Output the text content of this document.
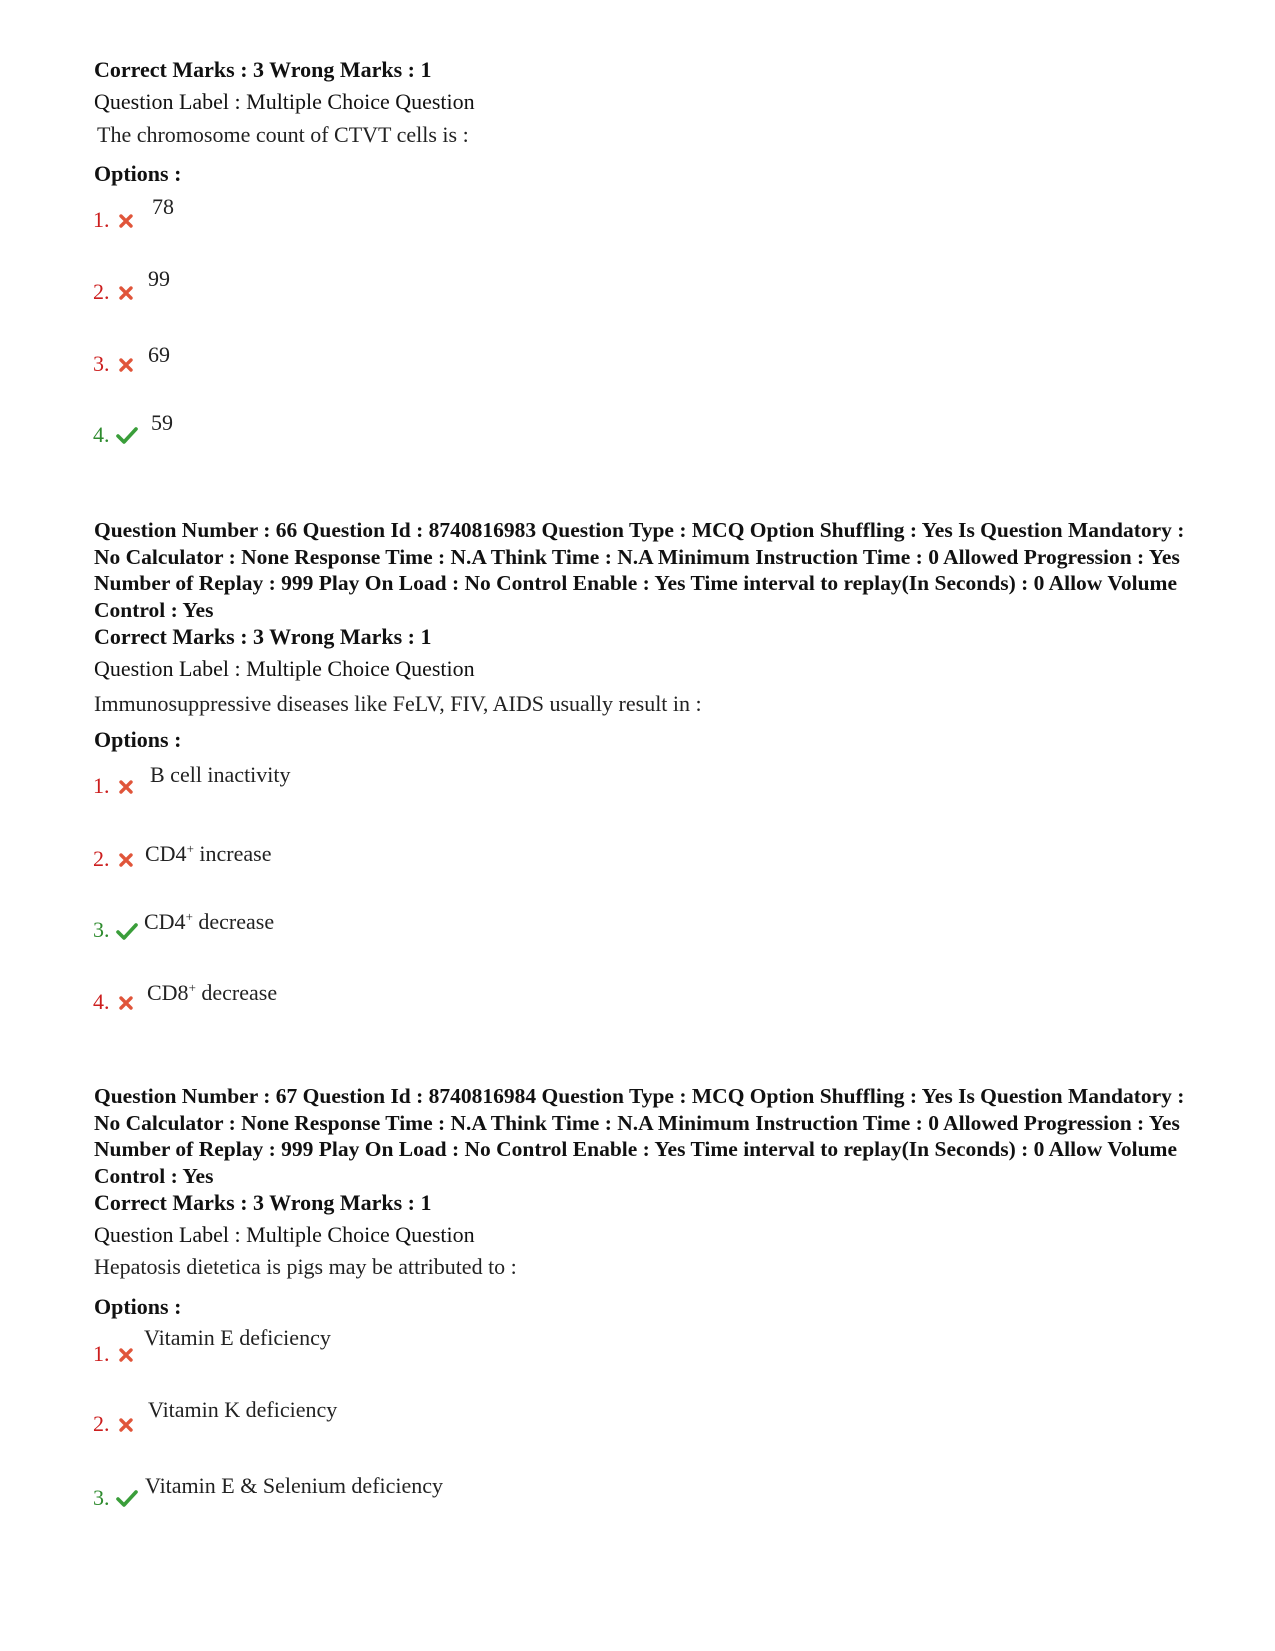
Correct Marks : 3 Wrong Marks : 1
Question Label : Multiple Choice Question
The chromosome count of CTVT cells is :
Options :
1.
78
2.
99
3. 69
4. 59
Question Number : 66 Question Id : 8740816983 Question Type : MCQ Option Shuffling : Yes Is Question Mandatory : No Calculator : None Response Time : N.A Think Time : N.A Minimum Instruction Time : 0 Allowed Progression : Yes Number of Replay : 999 Play On Load : No Control Enable : Yes Time interval to replay(In Seconds) : 0 Allow Volume Control : Yes
Correct Marks : 3 Wrong Marks : 1
Question Label : Multiple Choice Question
Immunosuppressive diseases like FeLV, FIV, AIDS usually result in :
Options :
1. B cell inactivity
2. CD4+ increase
3. CD4+ decrease
4. CD8+ decrease
Question Number : 67 Question Id : 8740816984 Question Type : MCQ Option Shuffling : Yes Is Question Mandatory : No Calculator : None Response Time : N.A Think Time : N.A Minimum Instruction Time : 0 Allowed Progression : Yes Number of Replay : 999 Play On Load : No Control Enable : Yes Time interval to replay(In Seconds) : 0 Allow Volume Control : Yes
Correct Marks : 3 Wrong Marks : 1
Question Label : Multiple Choice Question
Hepatosis dietetica is pigs may be attributed to :
Options :
1.
Vitamin E deficiency
2.
Vitamin K deficiency
3. Vitamin E & Selenium deficiency
